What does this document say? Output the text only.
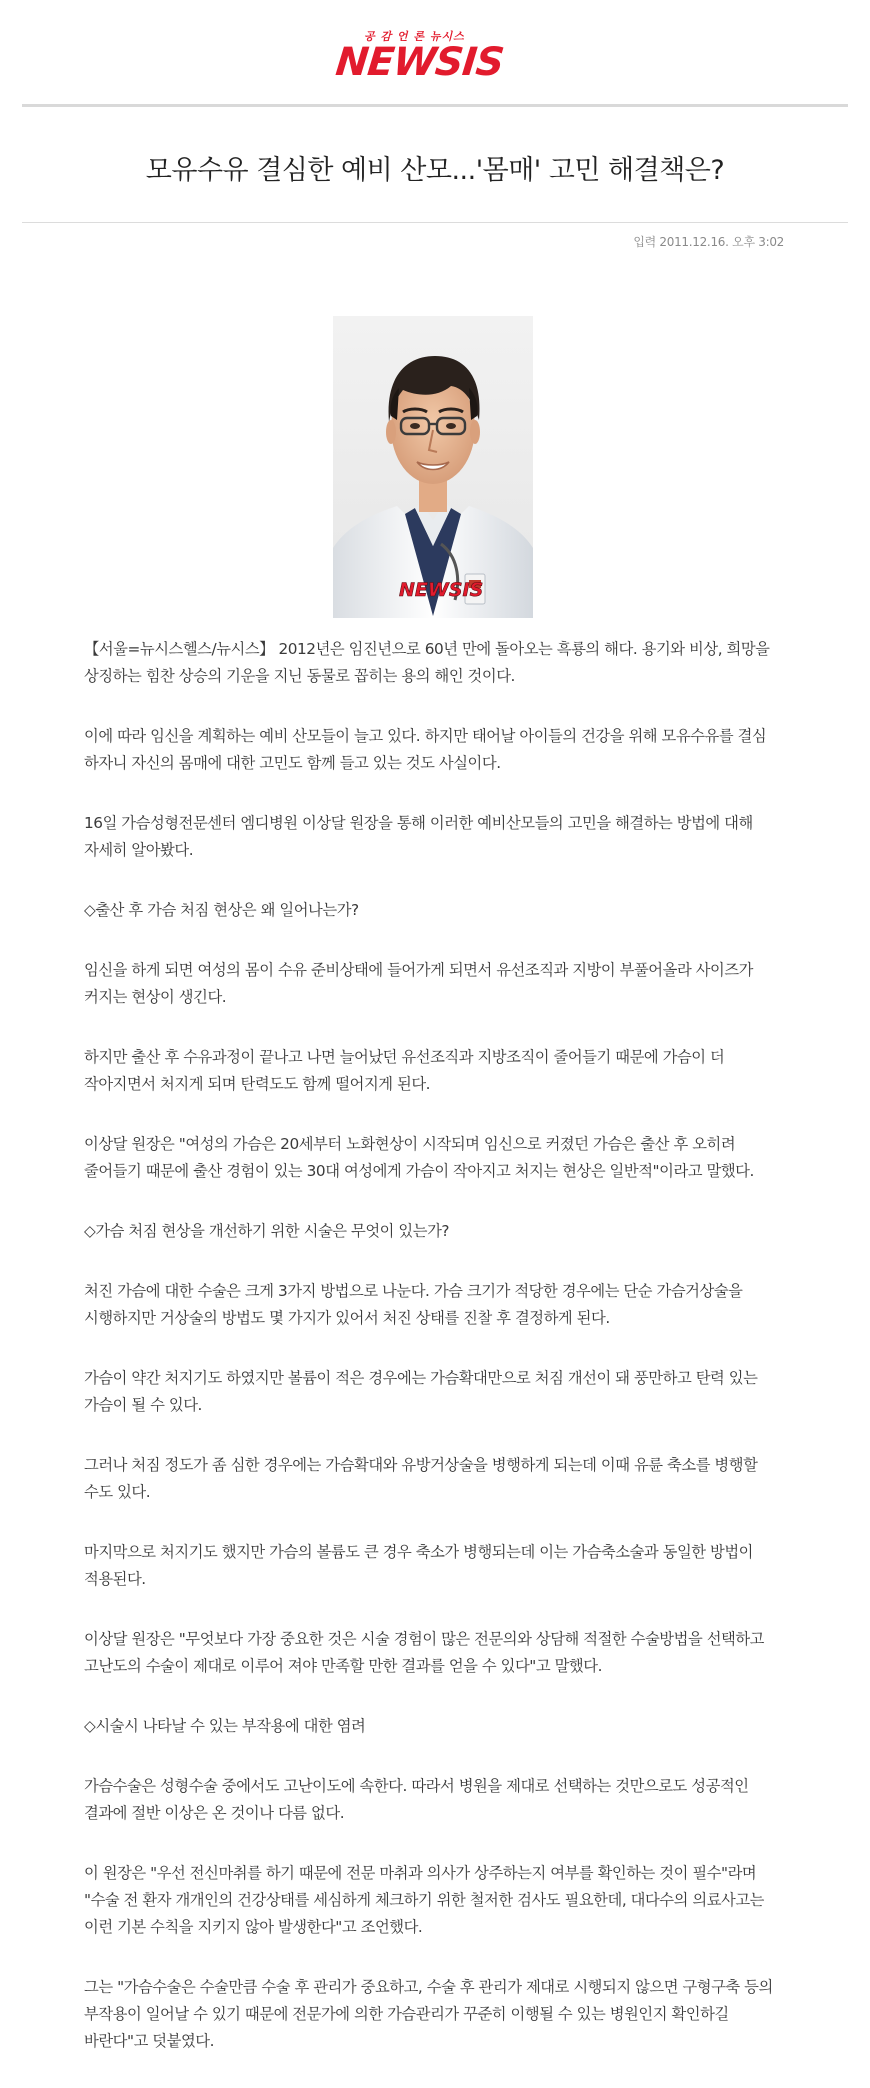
공 감 언 론 뉴시스
NEWSIS
모유수유 결심한 예비 산모...'몸매' 고민 해결책은?
입력 2011.12.16. 오후 3:02
NEWSIS

【서울=뉴시스헬스/뉴시스】 2012년은 임진년으로 60년 만에 돌아오는 흑룡의 해다. 용기와 비상, 희망을 상징하는 힘찬 상승의 기운을 지닌 동물로 꼽히는 용의 해인 것이다.

이에 따라 임신을 계획하는 예비 산모들이 늘고 있다. 하지만 태어날 아이들의 건강을 위해 모유수유를 결심 하자니 자신의 몸매에 대한 고민도 함께 들고 있는 것도 사실이다.

16일 가슴성형전문센터 엠디병원 이상달 원장을 통해 이러한 예비산모들의 고민을 해결하는 방법에 대해 자세히 알아봤다.

◇출산 후 가슴 처짐 현상은 왜 일어나는가?

임신을 하게 되면 여성의 몸이 수유 준비상태에 들어가게 되면서 유선조직과 지방이 부풀어올라 사이즈가 커지는 현상이 생긴다.

하지만 출산 후 수유과정이 끝나고 나면 늘어났던 유선조직과 지방조직이 줄어들기 때문에 가슴이 더 작아지면서 처지게 되며 탄력도도 함께 떨어지게 된다.

이상달 원장은 "여성의 가슴은 20세부터 노화현상이 시작되며 임신으로 커졌던 가슴은 출산 후 오히려 줄어들기 때문에 출산 경험이 있는 30대 여성에게 가슴이 작아지고 처지는 현상은 일반적"이라고 말했다.

◇가슴 처짐 현상을 개선하기 위한 시술은 무엇이 있는가?

처진 가슴에 대한 수술은 크게 3가지 방법으로 나눈다. 가슴 크기가 적당한 경우에는 단순 가슴거상술을 시행하지만 거상술의 방법도 몇 가지가 있어서 처진 상태를 진찰 후 결정하게 된다.

가슴이 약간 처지기도 하였지만 볼륨이 적은 경우에는 가슴확대만으로 처짐 개선이 돼 풍만하고 탄력 있는 가슴이 될 수 있다.

그러나 처짐 정도가 좀 심한 경우에는 가슴확대와 유방거상술을 병행하게 되는데 이때 유륜 축소를 병행할 수도 있다.

마지막으로 처지기도 했지만 가슴의 볼륨도 큰 경우 축소가 병행되는데 이는 가슴축소술과 동일한 방법이 적용된다.

이상달 원장은 "무엇보다 가장 중요한 것은 시술 경험이 많은 전문의와 상담해 적절한 수술방법을 선택하고 고난도의 수술이 제대로 이루어 져야 만족할 만한 결과를 얻을 수 있다"고 말했다.

◇시술시 나타날 수 있는 부작용에 대한 염려

가슴수술은 성형수술 중에서도 고난이도에 속한다. 따라서 병원을 제대로 선택하는 것만으로도 성공적인 결과에 절반 이상은 온 것이나 다름 없다.

이 원장은 "우선 전신마취를 하기 때문에 전문 마취과 의사가 상주하는지 여부를 확인하는 것이 필수"라며 "수술 전 환자 개개인의 건강상태를 세심하게 체크하기 위한 철저한 검사도 필요한데, 대다수의 의료사고는 이런 기본 수칙을 지키지 않아 발생한다"고 조언했다.

그는 "가슴수술은 수술만큼 수술 후 관리가 중요하고, 수술 후 관리가 제대로 시행되지 않으면 구형구축 등의 부작용이 일어날 수 있기 때문에 전문가에 의한 가슴관리가 꾸준히 이행될 수 있는 병원인지 확인하길 바란다"고 덧붙였다.
